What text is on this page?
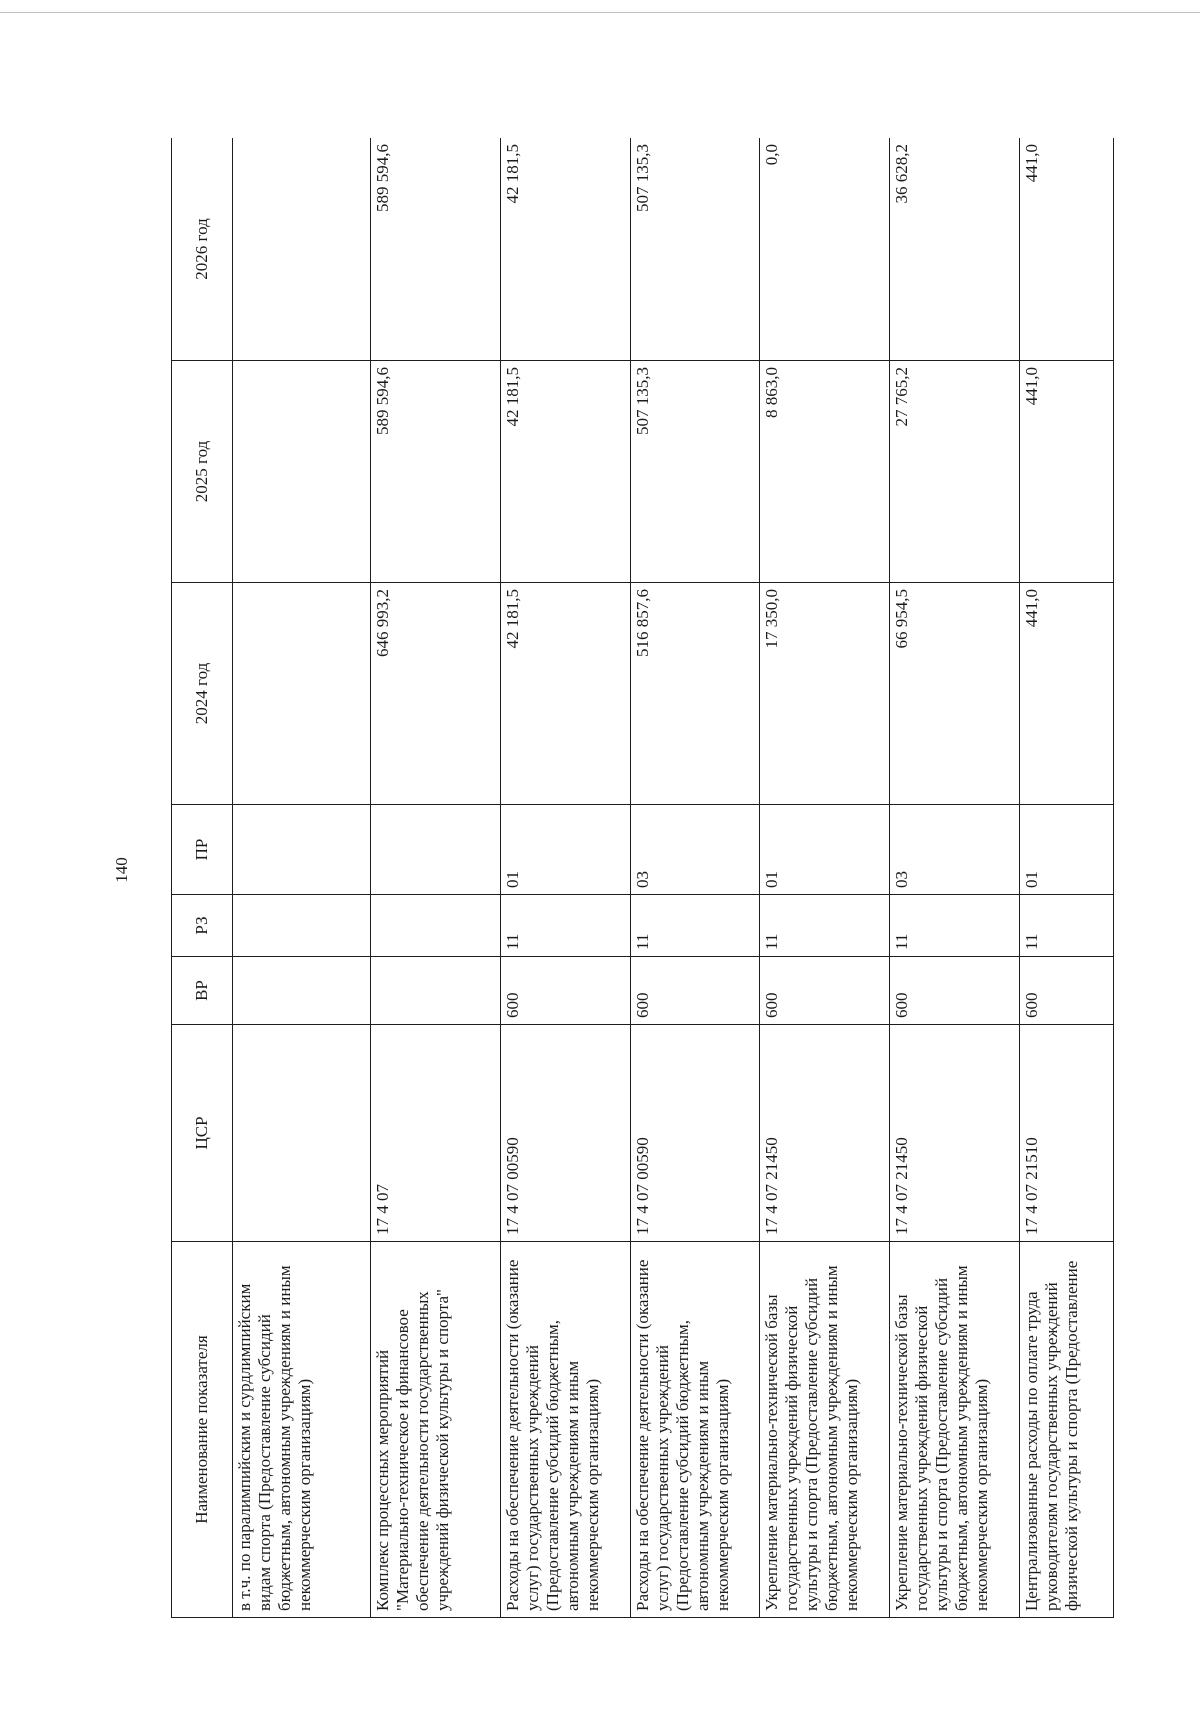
140
Наименование показателя	ЦСР	ВР	РЗ	ПР	2024 год	2025 год	2026 год
в т.ч. по паралимпийским и сурдлимпийским видам спорта (Предоставление субсидий бюджетным, автономным учреждениям и иным некоммерческим организациям)							
Комплекс процессных мероприятий "Материально-техническое и финансовое обеспечение деятельности государственных учреждений физической культуры и спорта"	17 4 07				646 993,2	589 594,6	589 594,6
Расходы на обеспечение деятельности (оказание услуг) государственных учреждений (Предоставление субсидий бюджетным, автономным учреждениям и иным некоммерческим организациям)	17 4 07 00590	600	11	01	42 181,5	42 181,5	42 181,5
Расходы на обеспечение деятельности (оказание услуг) государственных учреждений (Предоставление субсидий бюджетным, автономным учреждениям и иным некоммерческим организациям)	17 4 07 00590	600	11	03	516 857,6	507 135,3	507 135,3
Укрепление материально-технической базы государственных учреждений физической культуры и спорта (Предоставление субсидий бюджетным, автономным учреждениям и иным некоммерческим организациям)	17 4 07 21450	600	11	01	17 350,0	8 863,0	0,0
Укрепление материально-технической базы государственных учреждений физической культуры и спорта (Предоставление субсидий бюджетным, автономным учреждениям и иным некоммерческим организациям)	17 4 07 21450	600	11	03	66 954,5	27 765,2	36 628,2
Централизованные расходы по оплате труда руководителям государственных учреждений физической культуры и спорта (Предоставление	17 4 07 21510	600	11	01	441,0	441,0	441,0
